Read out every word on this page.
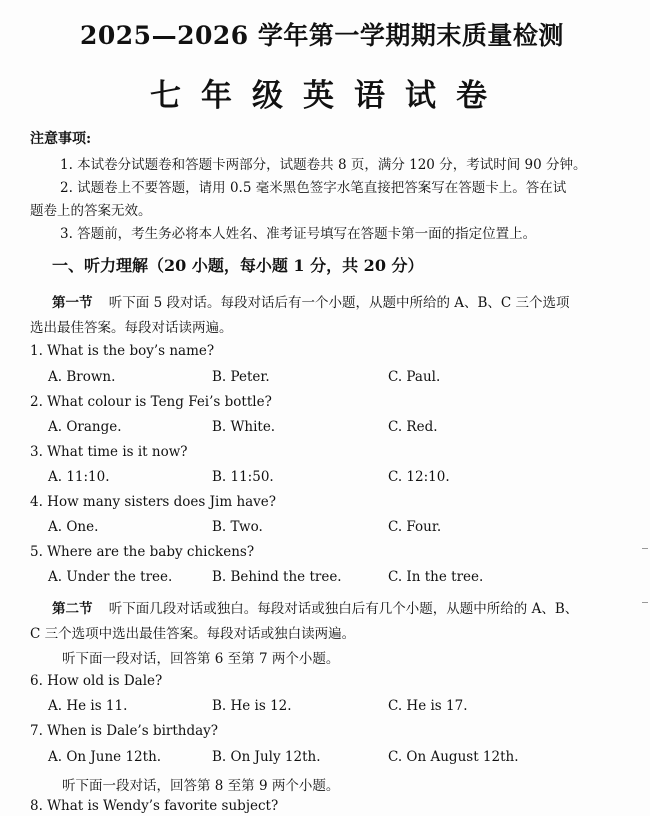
2025—2026 学年第一学期期末质量检测
七年级英语试卷
注意事项:
1. 本试卷分试题卷和答题卡两部分，试题卷共 8 页，满分 120 分，考试时间 90 分钟。
2. 试题卷上不要答题，请用 0.5 毫米黑色签字水笔直接把答案写在答题卡上。答在试
题卷上的答案无效。
3. 答题前，考生务必将本人姓名、准考证号填写在答题卡第一面的指定位置上。
一、听力理解（20 小题，每小题 1 分，共 20 分）
第一节 听下面 5 段对话。每段对话后有一个小题，从题中所给的 A、B、C 三个选项
选出最佳答案。每段对话读两遍。
1. What is the boy’s name?
A. Brown.	B. Peter.	C. Paul.
2. What colour is Teng Fei’s bottle?
A. Orange.	B. White.	C. Red.
3. What time is it now?
A. 11:10.	B. 11:50.	C. 12:10.
4. How many sisters does Jim have?
A. One.	B. Two.	C. Four.
5. Where are the baby chickens?
A. Under the tree.	B. Behind the tree.	C. In the tree.
第二节 听下面几段对话或独白。每段对话或独白后有几个小题，从题中所给的 A、B、
C 三个选项中选出最佳答案。每段对话或独白读两遍。
听下面一段对话，回答第 6 至第 7 两个小题。
6. How old is Dale?
A. He is 11.	B. He is 12.	C. He is 17.
7. When is Dale’s birthday?
A. On June 12th.	B. On July 12th.	C. On August 12th.
听下面一段对话，回答第 8 至第 9 两个小题。
8. What is Wendy’s favorite subject?
